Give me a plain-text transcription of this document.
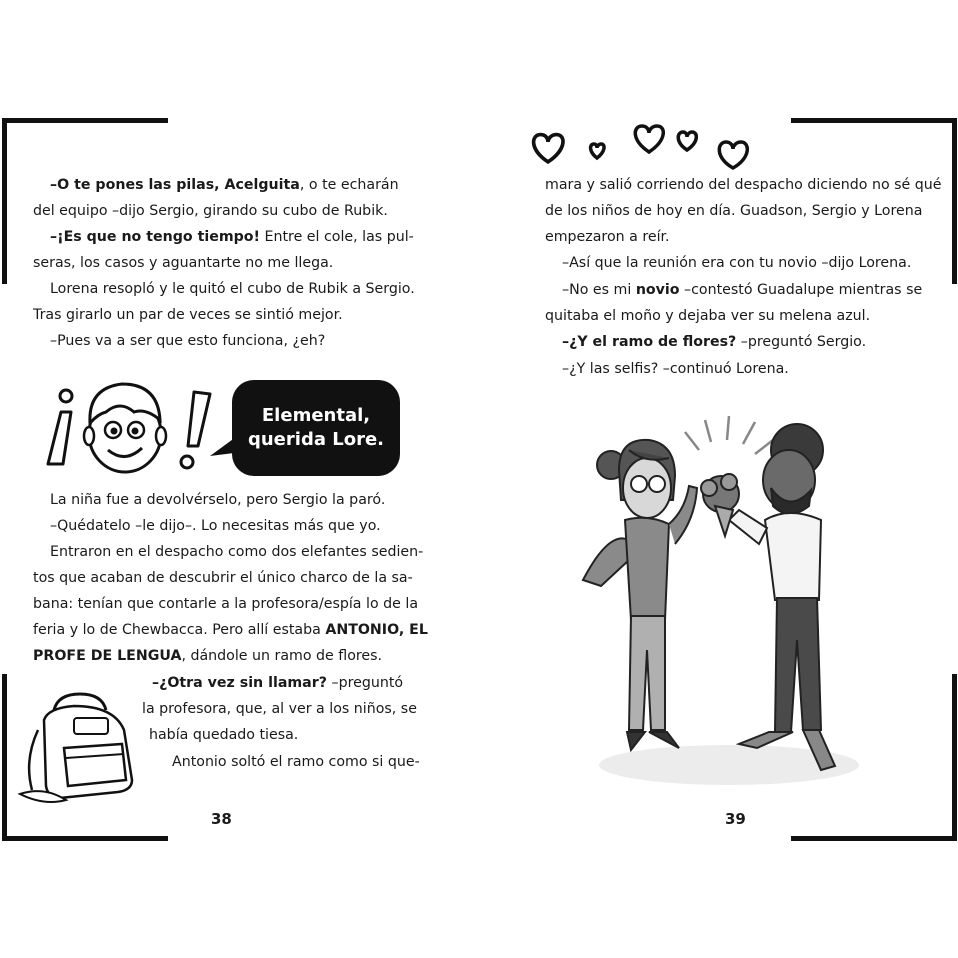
–O te pones las pilas, Acelguita, o te echarán
del equipo –dijo Sergio, girando su cubo de Rubik.
–¡Es que no tengo tiempo! Entre el cole, las pul-
seras, los casos y aguantarte no me llega.
Lorena resopló y le quitó el cubo de Rubik a Sergio.
Tras girarlo un par de veces se sintió mejor.
–Pues va a ser que esto funciona, ¿eh?
La niña fue a devolvérselo, pero Sergio la paró.
–Quédatelo –le dijo–. Lo necesitas más que yo.
Entraron en el despacho como dos elefantes sedien-
tos que acaban de descubrir el único charco de la sa-
bana: tenían que contarle a la profesora/espía lo de la
feria y lo de Chewbacca. Pero allí estaba ANTONIO, EL
PROFE DE LENGUA, dándole un ramo de flores.
–¿Otra vez sin llamar? –preguntó
la profesora, que, al ver a los niños, se
había quedado tiesa.
Antonio soltó el ramo como si que-
Elemental,
querida Lore.
38
mara y salió corriendo del despacho diciendo no sé qué
de los niños de hoy en día. Guadson, Sergio y Lorena
empezaron a reír.
–Así que la reunión era con tu novio –dijo Lorena.
–No es mi novio –contestó Guadalupe mientras se
quitaba el moño y dejaba ver su melena azul.
–¿Y el ramo de flores? –preguntó Sergio.
–¿Y las selfis? –continuó Lorena.
39
